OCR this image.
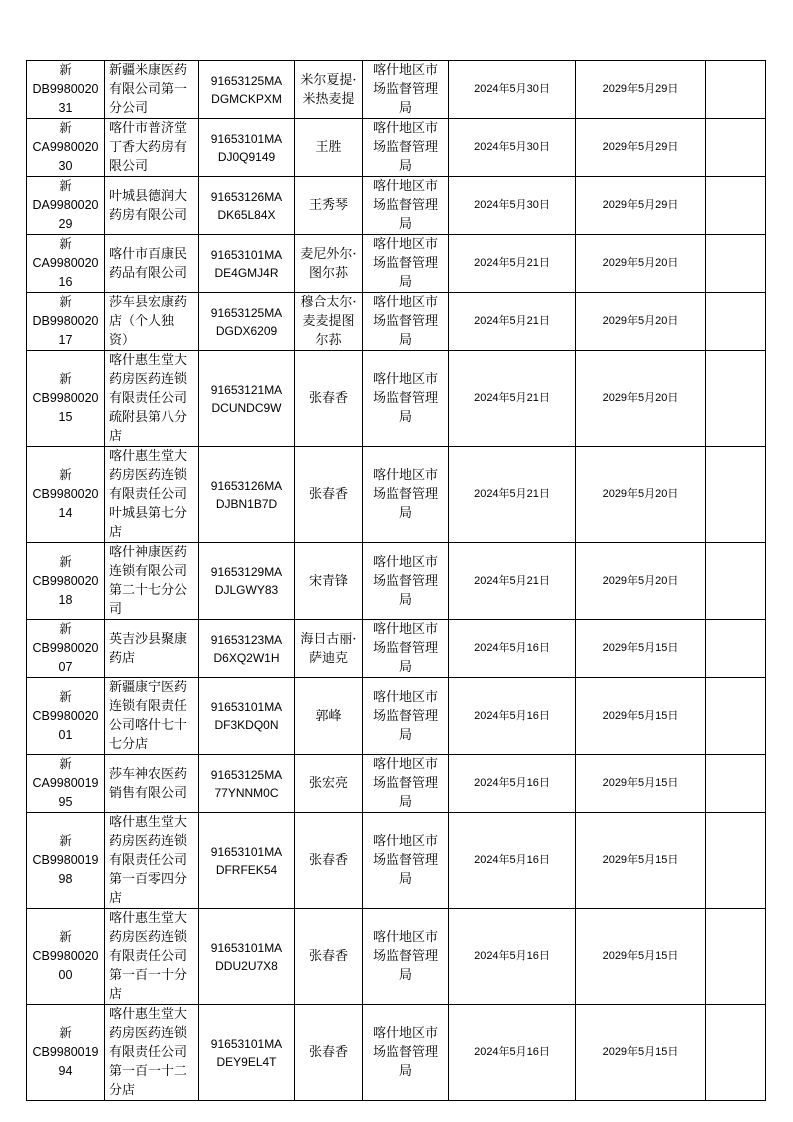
新
DB9980020
31	新疆米康医药
有限公司第一
分公司	91653125MA
DGMCKPXM	米尔夏提·
米热麦提	喀什地区市
场监督管理
局	2024年5月30日	2029年5月29日	

新
CA9980020
30	喀什市普济堂
丁香大药房有
限公司	91653101MA
DJ0Q9149	王胜	喀什地区市
场监督管理
局	2024年5月30日	2029年5月29日	

新
DA9980020
29	叶城县德润大
药房有限公司	91653126MA
DK65L84X	王秀琴	喀什地区市
场监督管理
局	2024年5月30日	2029年5月29日	

新
CA9980020
16	喀什市百康民
药品有限公司	91653101MA
DE4GMJ4R	麦尼外尔·
图尔荪	喀什地区市
场监督管理
局	2024年5月21日	2029年5月20日	

新
DB9980020
17	莎车县宏康药
店（个人独
资）	91653125MA
DGDX6209	穆合太尔·
麦麦提图
尔荪	喀什地区市
场监督管理
局	2024年5月21日	2029年5月20日	

新
CB9980020
15	喀什惠生堂大
药房医药连锁
有限责任公司
疏附县第八分
店	91653121MA
DCUNDC9W	张春香	喀什地区市
场监督管理
局	2024年5月21日	2029年5月20日	

新
CB9980020
14	喀什惠生堂大
药房医药连锁
有限责任公司
叶城县第七分
店	91653126MA
DJBN1B7D	张春香	喀什地区市
场监督管理
局	2024年5月21日	2029年5月20日	

新
CB9980020
18	喀什神康医药
连锁有限公司
第二十七分公
司	91653129MA
DJLGWY83	宋青锋	喀什地区市
场监督管理
局	2024年5月21日	2029年5月20日	

新
CB9980020
07	英吉沙县聚康
药店	91653123MA
D6XQ2W1H	海日古丽·
萨迪克	喀什地区市
场监督管理
局	2024年5月16日	2029年5月15日	

新
CB9980020
01	新疆康宁医药
连锁有限责任
公司喀什七十
七分店	91653101MA
DF3KDQ0N	郭峰	喀什地区市
场监督管理
局	2024年5月16日	2029年5月15日	

新
CA9980019
95	莎车神农医药
销售有限公司	91653125MA
77YNNM0C	张宏亮	喀什地区市
场监督管理
局	2024年5月16日	2029年5月15日	

新
CB9980019
98	喀什惠生堂大
药房医药连锁
有限责任公司
第一百零四分
店	91653101MA
DFRFEK54	张春香	喀什地区市
场监督管理
局	2024年5月16日	2029年5月15日	

新
CB9980020
00	喀什惠生堂大
药房医药连锁
有限责任公司
第一百一十分
店	91653101MA
DDU2U7X8	张春香	喀什地区市
场监督管理
局	2024年5月16日	2029年5月15日	

新
CB9980019
94	喀什惠生堂大
药房医药连锁
有限责任公司
第一百一十二
分店	91653101MA
DEY9EL4T	张春香	喀什地区市
场监督管理
局	2024年5月16日	2029年5月15日	
